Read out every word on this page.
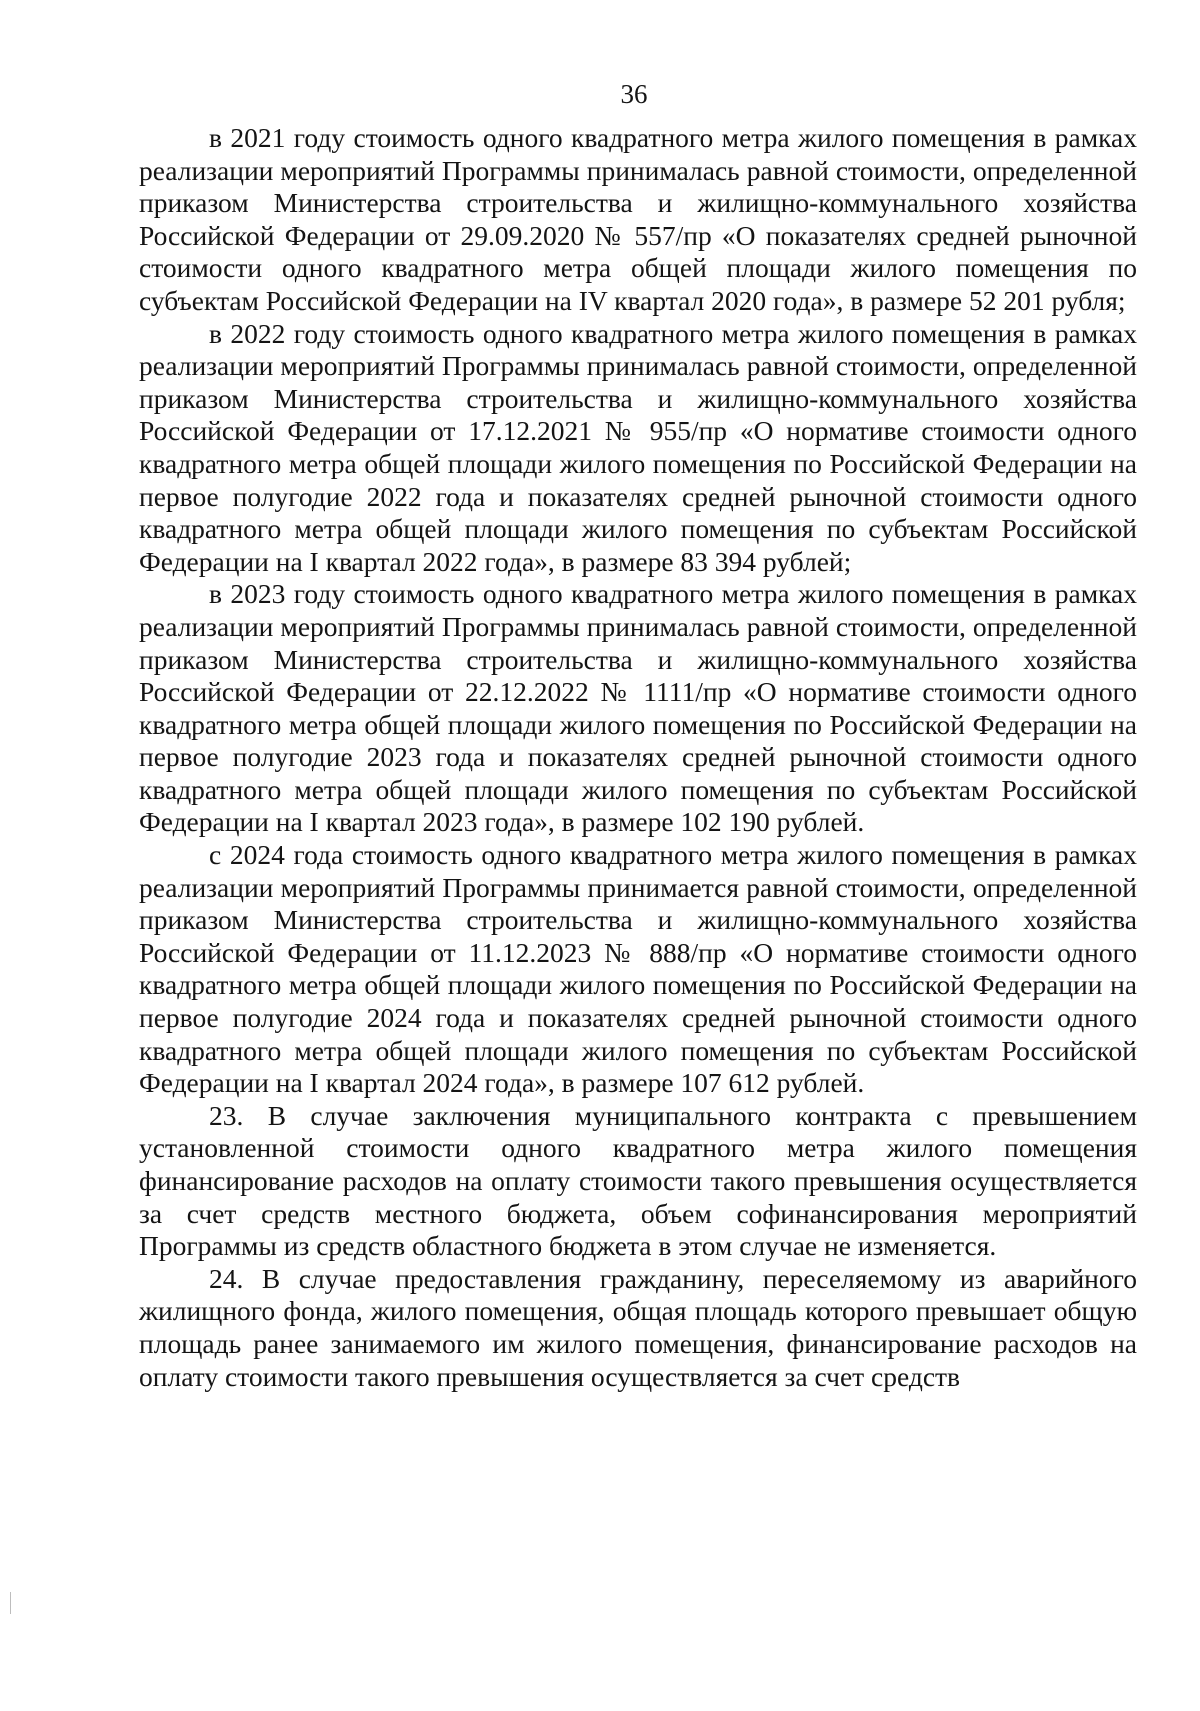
36

в 2021 году стоимость одного квадратного метра жилого помещения в рамках реализации мероприятий Программы принималась равной стоимости, определенной приказом Министерства строительства и жилищно-коммунального хозяйства Российской Федерации от 29.09.2020 № 557/пр «О показателях средней рыночной стоимости одного квадратного метра общей площади жилого помещения по субъектам Российской Федерации на IV квартал 2020 года», в размере 52 201 рубля;

в 2022 году стоимость одного квадратного метра жилого помещения в рамках реализации мероприятий Программы принималась равной стоимости, определенной приказом Министерства строительства и жилищно-коммунального хозяйства Российской Федерации от 17.12.2021 № 955/пр «О нормативе стоимости одного квадратного метра общей площади жилого помещения по Российской Федерации на первое полугодие 2022 года и показателях средней рыночной стоимости одного квадратного метра общей площади жилого помещения по субъектам Российской Федерации на I квартал 2022 года», в размере 83 394 рублей;

в 2023 году стоимость одного квадратного метра жилого помещения в рамках реализации мероприятий Программы принималась равной стоимости, определенной приказом Министерства строительства и жилищно-коммунального хозяйства Российской Федерации от 22.12.2022 № 1111/пр «О нормативе стоимости одного квадратного метра общей площади жилого помещения по Российской Федерации на первое полугодие 2023 года и показателях средней рыночной стоимости одного квадратного метра общей площади жилого помещения по субъектам Российской Федерации на I квартал 2023 года», в размере 102 190 рублей.

с 2024 года стоимость одного квадратного метра жилого помещения в рамках реализации мероприятий Программы принимается равной стоимости, определенной приказом Министерства строительства и жилищно-коммунального хозяйства Российской Федерации от 11.12.2023 № 888/пр «О нормативе стоимости одного квадратного метра общей площади жилого помещения по Российской Федерации на первое полугодие 2024 года и показателях средней рыночной стоимости одного квадратного метра общей площади жилого помещения по субъектам Российской Федерации на I квартал 2024 года», в размере 107 612 рублей.

23. В случае заключения муниципального контракта с превышением установленной стоимости одного квадратного метра жилого помещения финансирование расходов на оплату стоимости такого превышения осуществляется за счет средств местного бюджета, объем софинансирования мероприятий Программы из средств областного бюджета в этом случае не изменяется.

24. В случае предоставления гражданину, переселяемому из аварийного жилищного фонда, жилого помещения, общая площадь которого превышает общую площадь ранее занимаемого им жилого помещения, финансирование расходов на оплату стоимости такого превышения осуществляется за счет средств
